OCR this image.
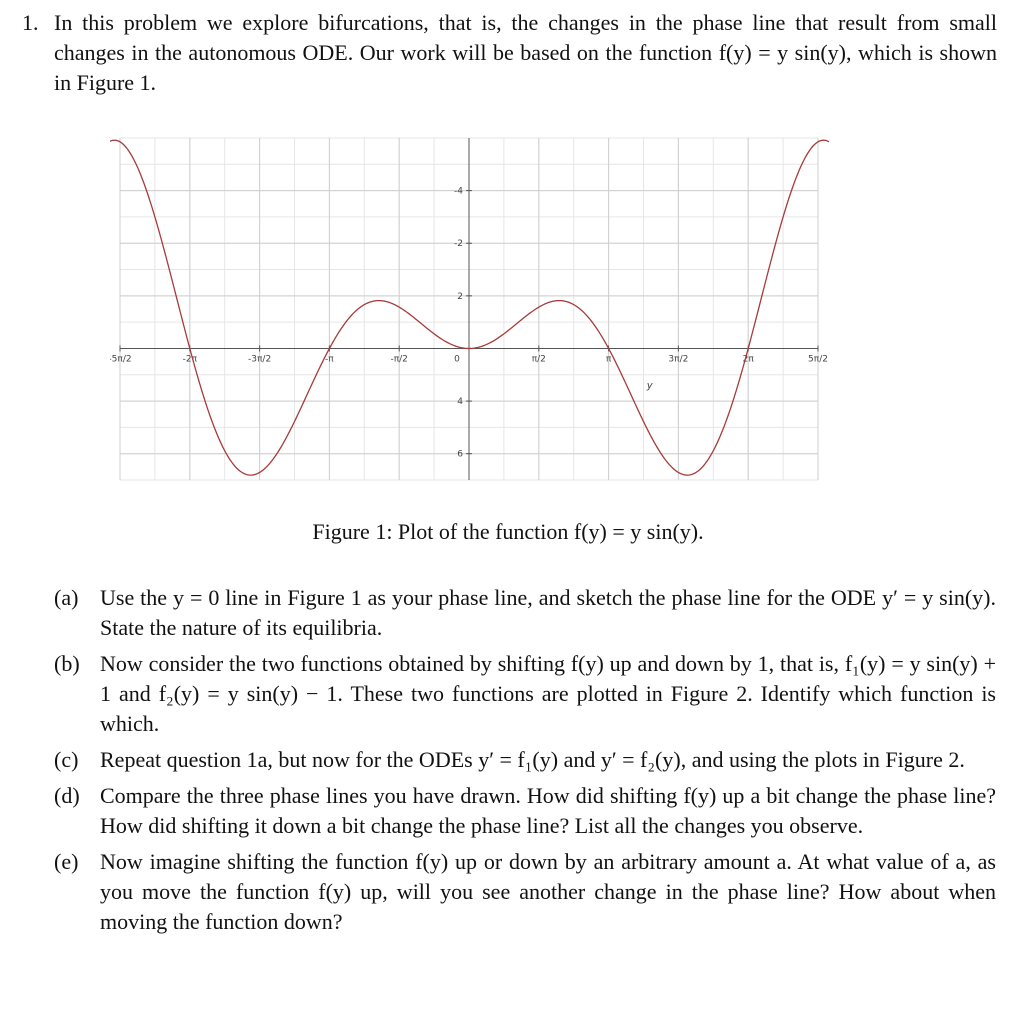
1. In this problem we explore bifurcations, that is, the changes in the phase line that result from small changes in the autonomous ODE. Our work will be based on the function f(y) = y sin(y), which is shown in Figure 1.
-5π/2	-2π	-3π/2	-π	-π/2	0	π/2	π	3π/2	2π	5π/2
6
4
2
-2
-4
y
Figure 1: Plot of the function f(y) = y sin(y).
(a) Use the y = 0 line in Figure 1 as your phase line, and sketch the phase line for the ODE y′ = y sin(y). State the nature of its equilibria.
(b) Now consider the two functions obtained by shifting f(y) up and down by 1, that is, f₁(y) = y sin(y) + 1 and f₂(y) = y sin(y) − 1. These two functions are plotted in Figure 2. Identify which function is which.
(c) Repeat question 1a, but now for the ODEs y′ = f₁(y) and y′ = f₂(y), and using the plots in Figure 2.
(d) Compare the three phase lines you have drawn. How did shifting f(y) up a bit change the phase line? How did shifting it down a bit change the phase line? List all the changes you observe.
(e) Now imagine shifting the function f(y) up or down by an arbitrary amount a. At what value of a, as you move the function f(y) up, will you see another change in the phase line? How about when moving the function down?
